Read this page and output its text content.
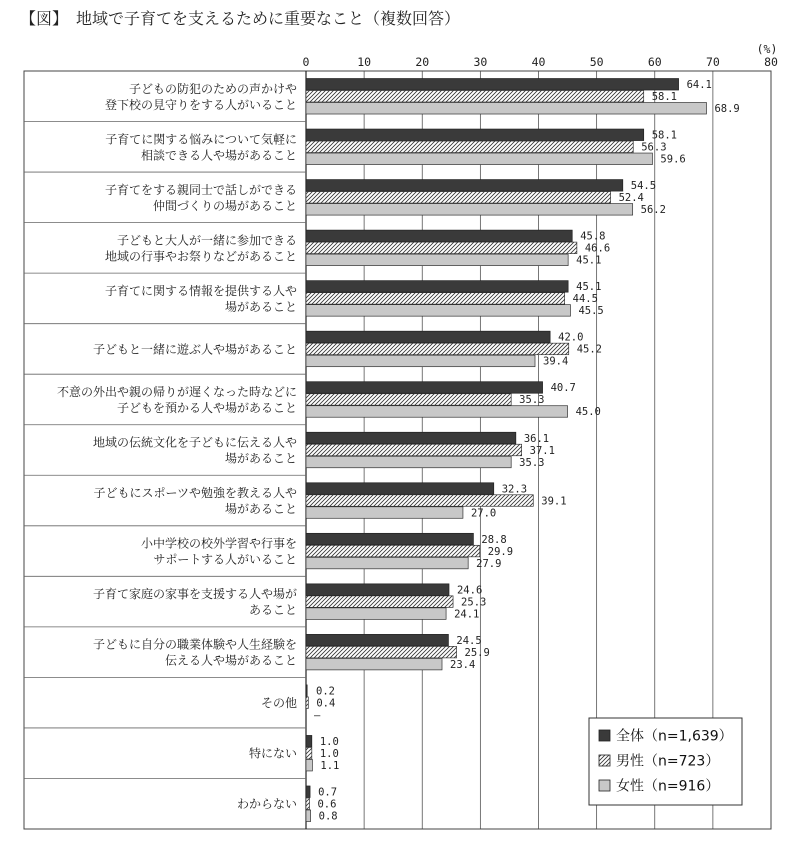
【図】　地域で子育てを支えるために重要なこと（複数回答）
(%)
0	10	20	30	40	50	60	70	80
子どもの防犯のための声かけや
登下校の見守りをする人がいること
64.1
58.1
68.9
子育てに関する悩みについて気軽に
相談できる人や場があること
58.1
56.3
59.6
子育てをする親同士で話しができる
仲間づくりの場があること
54.5
52.4
56.2
子どもと大人が一緒に参加できる
地域の行事やお祭りなどがあること
45.8
46.6
45.1
子育てに関する情報を提供する人や
場があること
45.1
44.5
45.5
子どもと一緒に遊ぶ人や場があること
42.0
45.2
39.4
不意の外出や親の帰りが遅くなった時などに
子どもを預かる人や場があること
40.7
35.3
45.0
地域の伝統文化を子どもに伝える人や
場があること
36.1
37.1
35.3
子どもにスポーツや勉強を教える人や
場があること
32.3
39.1
27.0
小中学校の校外学習や行事を
サポートする人がいること
28.8
29.9
27.9
子育て家庭の家事を支援する人や場が
あること
24.6
25.3
24.1
子どもに自分の職業体験や人生経験を
伝える人や場があること
24.5
25.9
23.4
その他
0.2
0.4
–
特にない
1.0
1.0
1.1
わからない
0.7
0.6
0.8
全体（n=1,639）
男性（n=723）
女性（n=916）
